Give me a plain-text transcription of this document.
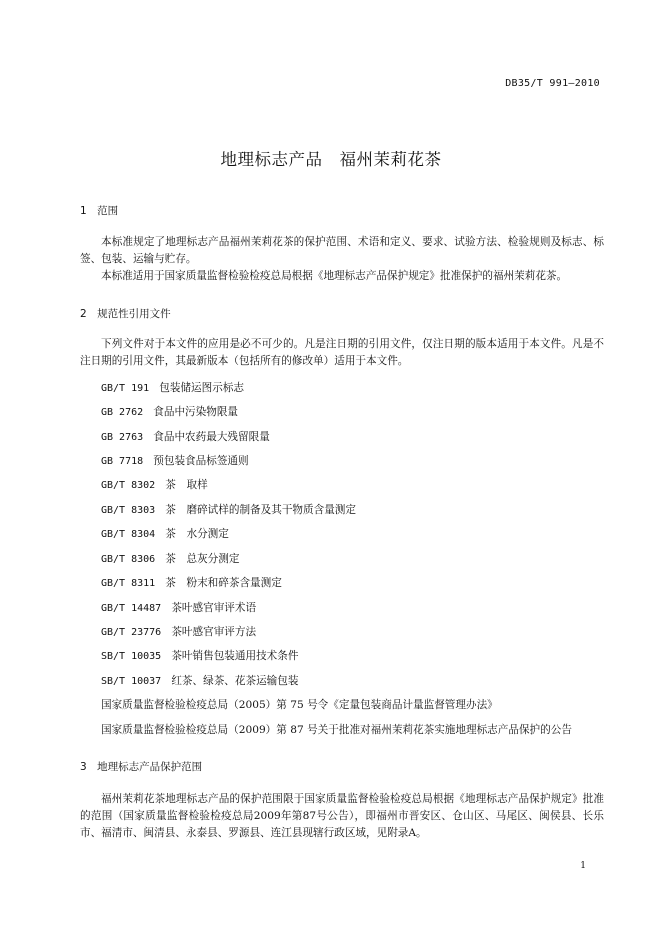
DB35/T 991—2010
地理标志产品　福州茉莉花茶
1　范围
本标准规定了地理标志产品福州茉莉花茶的保护范围、术语和定义、要求、试验方法、检验规则及标志、标签、包装、运输与贮存。
本标准适用于国家质量监督检验检疫总局根据《地理标志产品保护规定》批准保护的福州茉莉花茶。
2　规范性引用文件
下列文件对于本文件的应用是必不可少的。凡是注日期的引用文件，仅注日期的版本适用于本文件。凡是不注日期的引用文件，其最新版本（包括所有的修改单）适用于本文件。
GB/T 191 包装储运图示标志
GB 2762 食品中污染物限量
GB 2763 食品中农药最大残留限量
GB 7718 预包装食品标签通则
GB/T 8302 茶　取样
GB/T 8303 茶　磨碎试样的制备及其干物质含量测定
GB/T 8304 茶　水分测定
GB/T 8306 茶　总灰分测定
GB/T 8311 茶　粉末和碎茶含量测定
GB/T 14487 茶叶感官审评术语
GB/T 23776 茶叶感官审评方法
SB/T 10035 茶叶销售包装通用技术条件
SB/T 10037 红茶、绿茶、花茶运输包装
国家质量监督检验检疫总局（2005）第 75 号令《定量包装商品计量监督管理办法》
国家质量监督检验检疫总局（2009）第 87 号关于批准对福州茉莉花茶实施地理标志产品保护的公告
3　地理标志产品保护范围
福州茉莉花茶地理标志产品的保护范围限于国家质量监督检验检疫总局根据《地理标志产品保护规定》批准的范围（国家质量监督检验检疫总局2009年第87号公告），即福州市晋安区、仓山区、马尾区、闽侯县、长乐市、福清市、闽清县、永泰县、罗源县、连江县现辖行政区域，见附录A。
1
